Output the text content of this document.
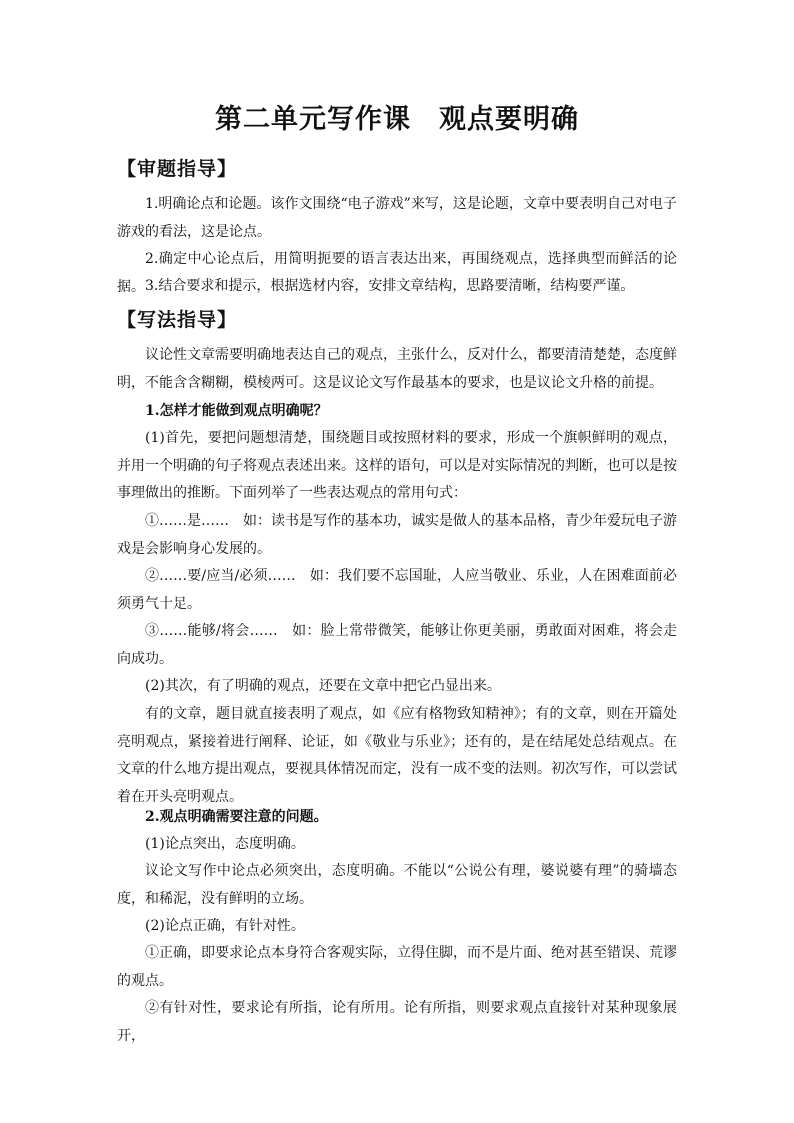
第二单元写作课　观点要明确
【审题指导】
1.明确论点和论题。该作文围绕“电子游戏”来写，这是论题，文章中要表明自己对电子游戏的看法，这是论点。
2.确定中心论点后，用简明扼要的语言表达出来，再围绕观点，选择典型而鲜活的论据。 3.结合要求和提示，根据选材内容，安排文章结构，思路要清晰，结构要严谨。
【写法指导】
议论性文章需要明确地表达自己的观点，主张什么，反对什么，都要清清楚楚，态度鲜明，不能含含糊糊，模棱两可。这是议论文写作最基本的要求，也是议论文升格的前提。
1.怎样才能做到观点明确呢？
(1)首先，要把问题想清楚，围绕题目或按照材料的要求，形成一个旗帜鲜明的观点，并用一个明确的句子将观点表述出来。这样的语句，可以是对实际情况的判断，也可以是按事理做出的推断。下面列举了一些表达观点的常用句式：
①……是……　如：读书是写作的基本功，诚实是做人的基本品格，青少年爱玩电子游戏是会影响身心发展的。
②……要/应当/必须……　如：我们要不忘国耻，人应当敬业、乐业，人在困难面前必须勇气十足。
③……能够/将会……　如：脸上常带微笑，能够让你更美丽，勇敢面对困难，将会走向成功。
(2)其次，有了明确的观点，还要在文章中把它凸显出来。
有的文章，题目就直接表明了观点，如《应有格物致知精神》；有的文章，则在开篇处亮明观点，紧接着进行阐释、论证，如《敬业与乐业》；还有的，是在结尾处总结观点。在文章的什么地方提出观点，要视具体情况而定，没有一成不变的法则。初次写作，可以尝试着在开头亮明观点。
2.观点明确需要注意的问题。
(1)论点突出，态度明确。
议论文写作中论点必须突出，态度明确。不能以“公说公有理，婆说婆有理”的骑墙态度，和稀泥，没有鲜明的立场。
(2)论点正确，有针对性。
①正确，即要求论点本身符合客观实际，立得住脚，而不是片面、绝对甚至错误、荒谬的观点。
②有针对性，要求论有所指，论有所用。论有所指，则要求观点直接针对某种现象展开，
